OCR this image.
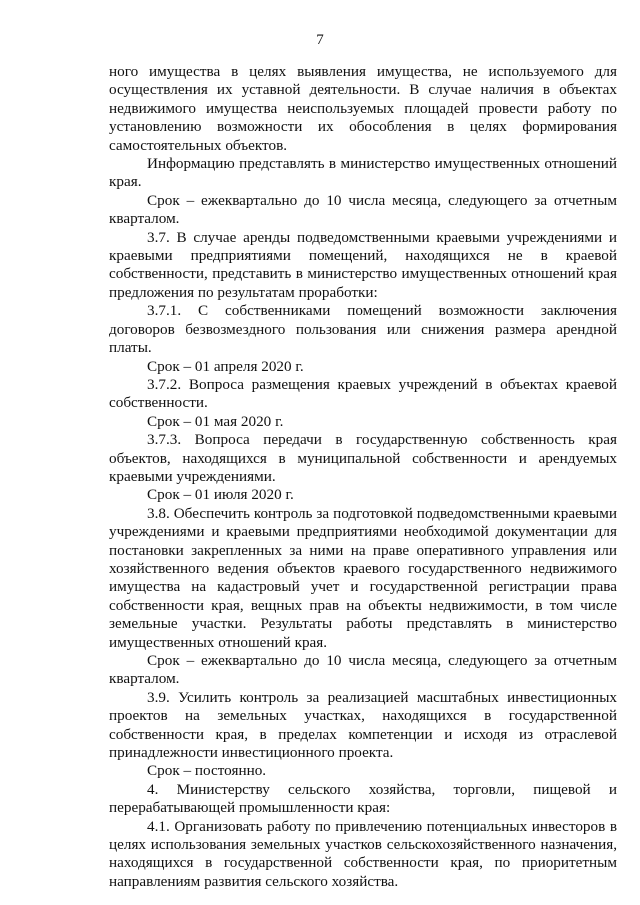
7

ного имущества в целях выявления имущества, не используемого для осуществления их уставной деятельности. В случае наличия в объектах недвижимого имущества неиспользуемых площадей провести работу по установлению возможности их обособления в целях формирования самостоятельных объектов.

Информацию представлять в министерство имущественных отношений края.

Срок – ежеквартально до 10 числа месяца, следующего за отчетным кварталом.

3.7. В случае аренды подведомственными краевыми учреждениями и краевыми предприятиями помещений, находящихся не в краевой собственности, представить в министерство имущественных отношений края предложения по результатам проработки:

3.7.1. С собственниками помещений возможности заключения договоров безвозмездного пользования или снижения размера арендной платы.

Срок – 01 апреля 2020 г.

3.7.2. Вопроса размещения краевых учреждений в объектах краевой собственности.

Срок – 01 мая 2020 г.

3.7.3. Вопроса передачи в государственную собственность края объектов, находящихся в муниципальной собственности и арендуемых краевыми учреждениями.

Срок – 01 июля 2020 г.

3.8. Обеспечить контроль за подготовкой подведомственными краевыми учреждениями и краевыми предприятиями необходимой документации для постановки закрепленных за ними на праве оперативного управления или хозяйственного ведения объектов краевого государственного недвижимого имущества на кадастровый учет и государственной регистрации права собственности края, вещных прав на объекты недвижимости, в том числе земельные участки. Результаты работы представлять в министерство имущественных отношений края.

Срок – ежеквартально до 10 числа месяца, следующего за отчетным кварталом.

3.9. Усилить контроль за реализацией масштабных инвестиционных проектов на земельных участках, находящихся в государственной собственности края, в пределах компетенции и исходя из отраслевой принадлежности инвестиционного проекта.

Срок – постоянно.

4. Министерству сельского хозяйства, торговли, пищевой и перерабатывающей промышленности края:

4.1. Организовать работу по привлечению потенциальных инвесторов в целях использования земельных участков сельскохозяйственного назначения, находящихся в государственной собственности края, по приоритетным направлениям развития сельского хозяйства.
